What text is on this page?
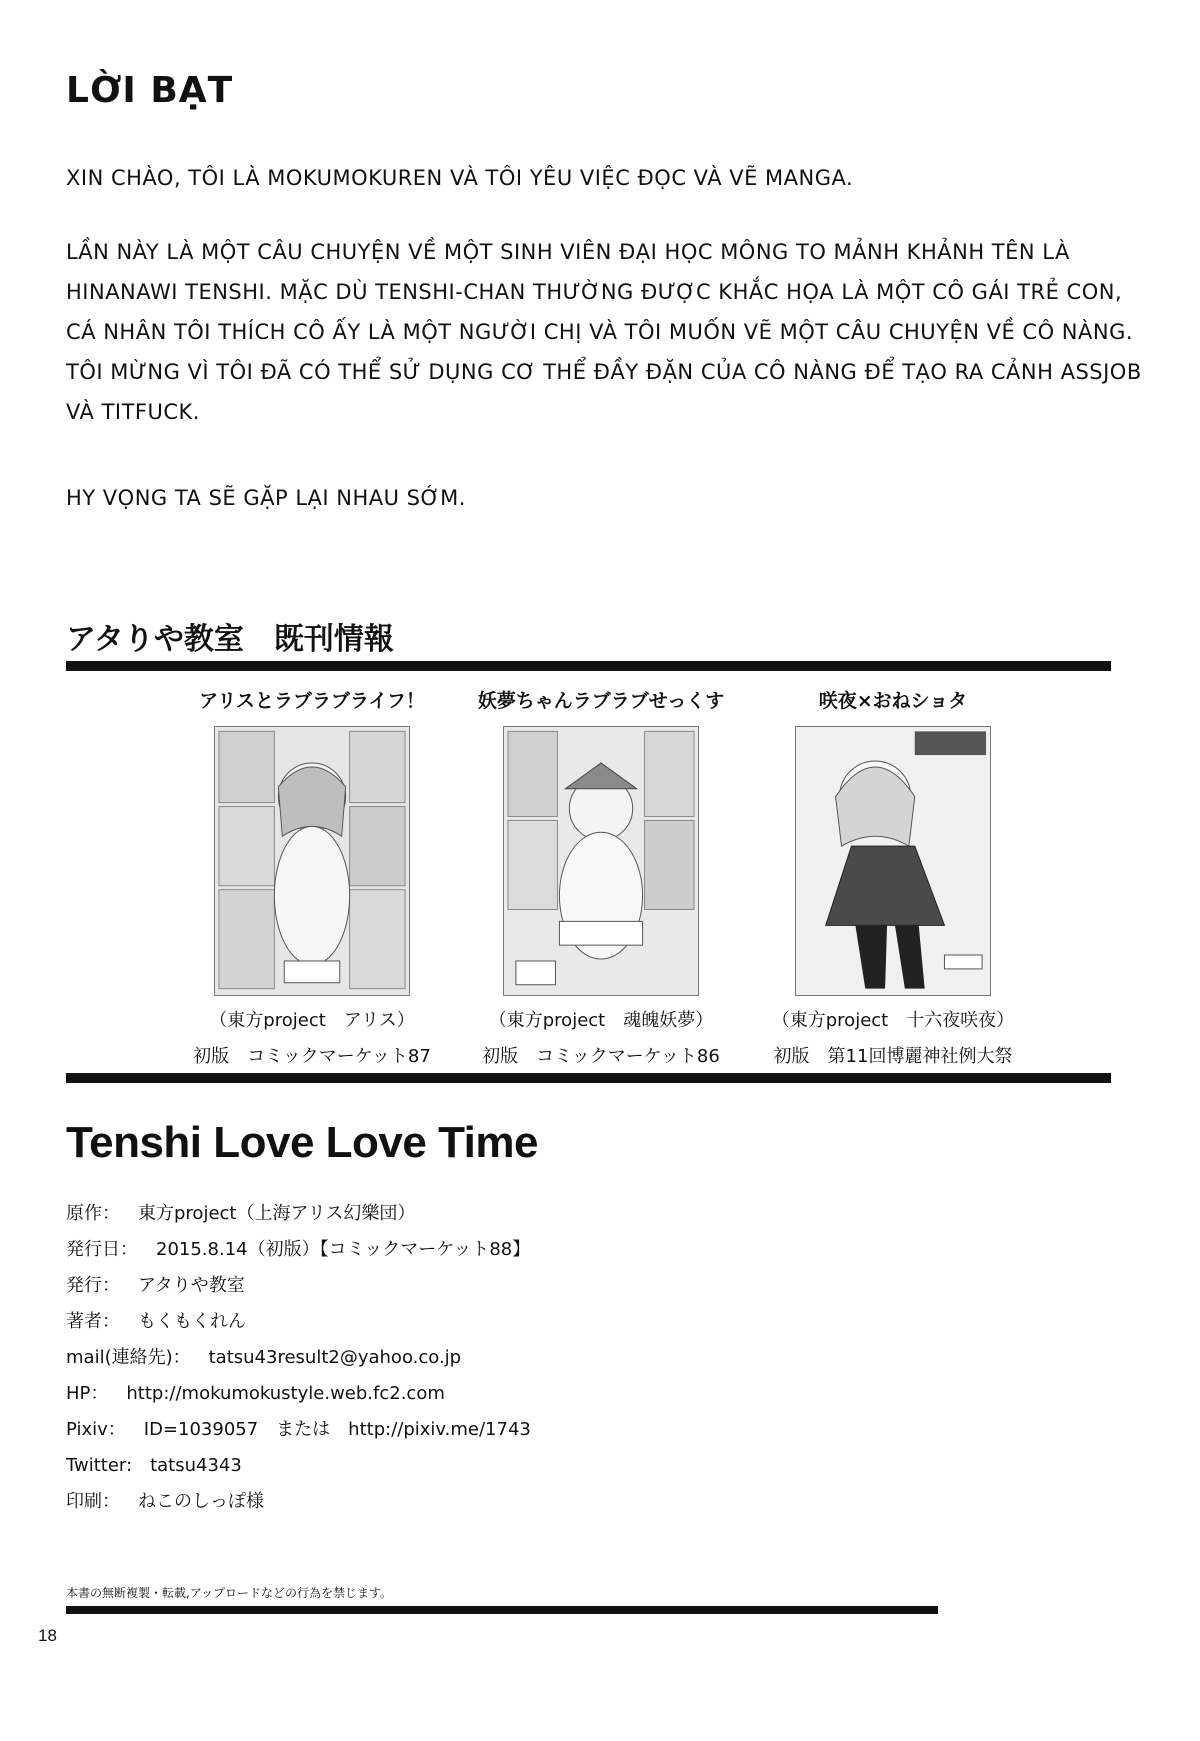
LỜI BẠT

XIN CHÀO, TÔI LÀ MOKUMOKUREN VÀ TÔI YÊU VIỆC ĐỌC VÀ VẼ MANGA.

LẦN NÀY LÀ MỘT CÂU CHUYỆN VỀ MỘT SINH VIÊN ĐẠI HỌC MÔNG TO MẢNH KHẢNH TÊN LÀ HINANAWI TENSHI. MẶC DÙ TENSHI-CHAN THƯỜNG ĐƯỢC KHẮC HỌA LÀ MỘT CÔ GÁI TRẺ CON, CÁ NHÂN TÔI THÍCH CÔ ẤY LÀ MỘT NGƯỜI CHỊ VÀ TÔI MUỐN VẼ MỘT CÂU CHUYỆN VỀ CÔ NÀNG. TÔI MỪNG VÌ TÔI ĐÃ CÓ THỂ SỬ DỤNG CƠ THỂ ĐẦY ĐẶN CỦA CÔ NÀNG ĐỂ TẠO RA CẢNH ASSJOB VÀ TITFUCK.

HY VỌNG TA SẼ GẶP LẠI NHAU SỚM.

アタりや教室　既刊情報
アリスとラブラブライフ！
（東方project　アリス）
初版　コミックマーケット87
妖夢ちゃんラブラブせっくす
（東方project　魂魄妖夢）
初版　コミックマーケット86
咲夜×おねショタ
（東方project　十六夜咲夜）
初版　第11回博麗神社例大祭
Tenshi Love Love Time
原作： 東方project（上海アリス幻樂団）
発行日： 2015.8.14（初版）【コミックマーケット88】
発行： アタりや教室
著者： もくもくれん
mail(連絡先)： tatsu43result2@yahoo.co.jp
HP： http://mokumokustyle.web.fc2.com
Pixiv： ID=1039057　または　http://pixiv.me/1743
Twitter: tatsu4343
印刷： ねこのしっぽ様
本書の無断複製・転載,アップロードなどの行為を禁じます。
18
